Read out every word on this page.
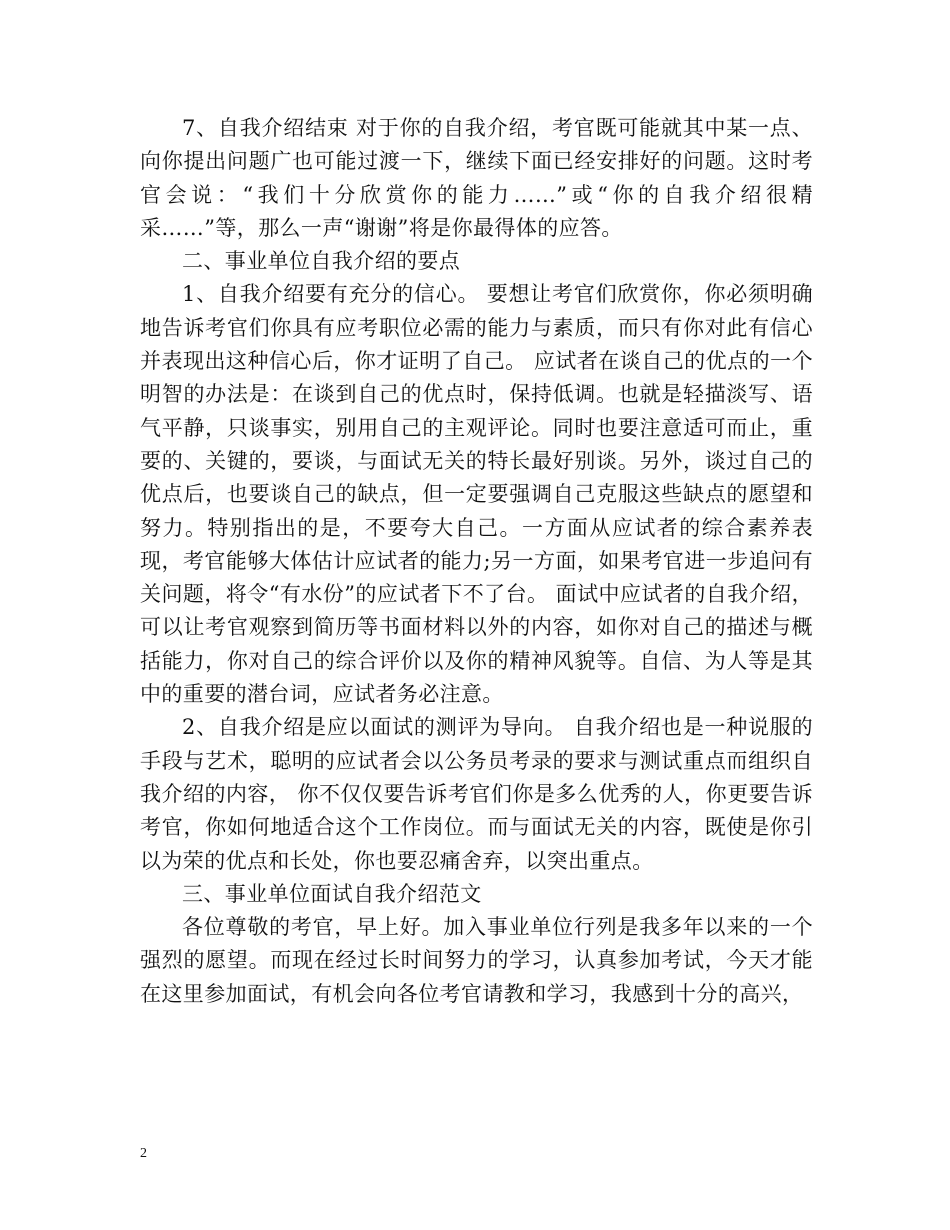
7、自我介绍结束 对于你的自我介绍，考官既可能就其中某一点、向你提出问题广也可能过渡一下，继续下面已经安排好的问题。这时考官会说：“我们十分欣赏你的能力……”或“你的自我介绍很精采……”等，那么一声“谢谢”将是你最得体的应答。

二、事业单位自我介绍的要点

1、自我介绍要有充分的信心。 要想让考官们欣赏你，你必须明确地告诉考官们你具有应考职位必需的能力与素质，而只有你对此有信心并表现出这种信心后，你才证明了自己。 应试者在谈自己的优点的一个明智的办法是：在谈到自己的优点时，保持低调。也就是轻描淡写、语气平静，只谈事实，别用自己的主观评论。同时也要注意适可而止，重要的、关键的，要谈，与面试无关的特长最好别谈。另外，谈过自己的优点后，也要谈自己的缺点，但一定要强调自己克服这些缺点的愿望和努力。特别指出的是，不要夸大自己。一方面从应试者的综合素养表现，考官能够大体估计应试者的能力;另一方面，如果考官进一步追问有关问题，将令“有水份”的应试者下不了台。 面试中应试者的自我介绍，可以让考官观察到简历等书面材料以外的内容，如你对自己的描述与概括能力，你对自己的综合评价以及你的精神风貌等。自信、为人等是其中的重要的潜台词，应试者务必注意。

2、自我介绍是应以面试的测评为导向。 自我介绍也是一种说服的手段与艺术，聪明的应试者会以公务员考录的要求与测试重点而组织自我介绍的内容， 你不仅仅要告诉考官们你是多么优秀的人，你更要告诉考官，你如何地适合这个工作岗位。而与面试无关的内容，既使是你引以为荣的优点和长处，你也要忍痛舍弃，以突出重点。

三、事业单位面试自我介绍范文

各位尊敬的考官，早上好。加入事业单位行列是我多年以来的一个强烈的愿望。而现在经过长时间努力的学习，认真参加考试，今天才能在这里参加面试，有机会向各位考官请教和学习，我感到十分的高兴，

2
